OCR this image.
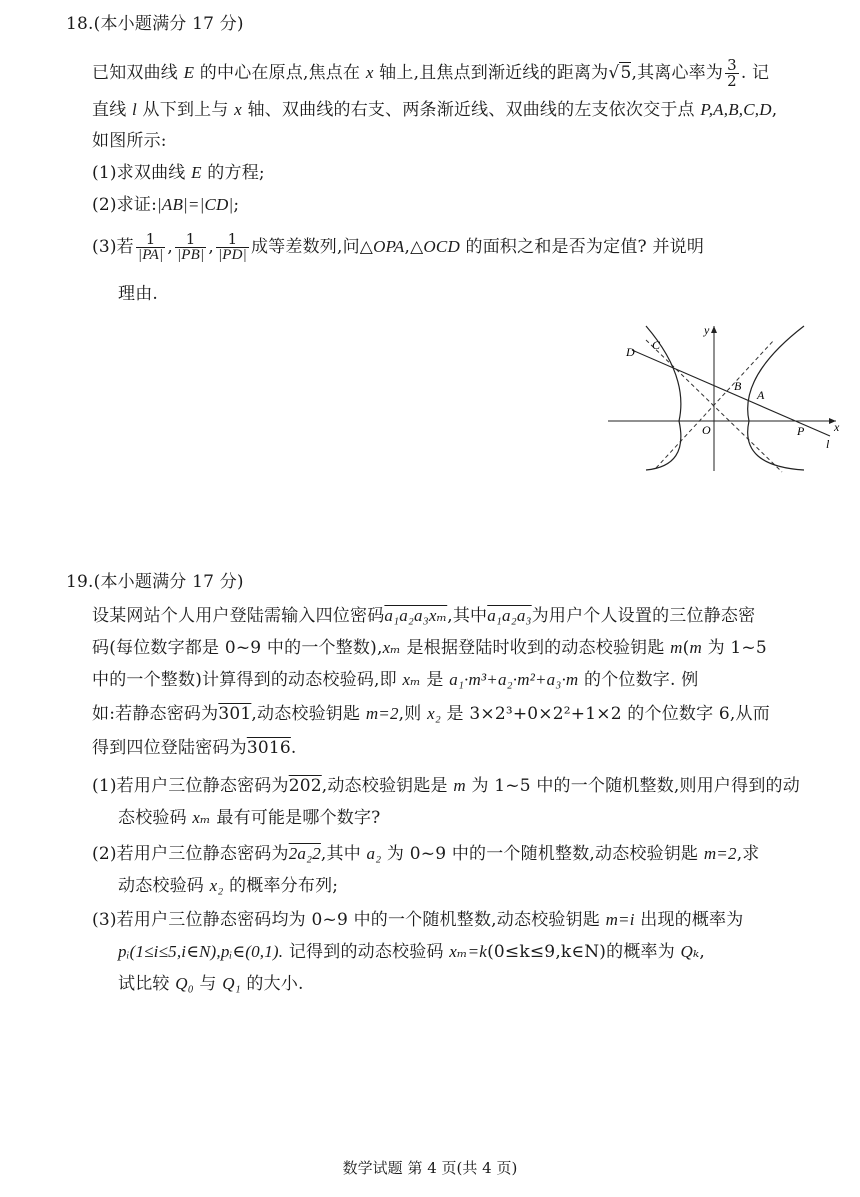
18.(本小题满分 17 分)
已知双曲线 E 的中心在原点,焦点在 x 轴上,且焦点到渐近线的距离为√5,其离心率为 $\frac{3}{2}$ . 记
直线 l 从下到上与 x 轴、双曲线的右支、两条渐近线、双曲线的左支依次交于点 P,A,B,C,D,
如图所示:
(1)求双曲线 E 的方程;
(2)求证:|AB|=|CD|;
(3)若 $\frac{1}{|PA|}$ , $\frac{1}{|PB|}$ , $\frac{1}{|PD|}$ 成等差数列,问△OPA,△OCD 的面积之和是否为定值? 并说明
理由.
D C
B
A
O	P
l
x
y
19.(本小题满分 17 分)
设某网站个人用户登陆需输入四位密码a₁a₂a₃xₘ,其中a₁a₂a₃为用户个人设置的三位静态密
码(每位数字都是 0~9 中的一个整数),xₘ 是根据登陆时收到的动态校验钥匙 m(m 为 1~5
中的一个整数)计算得到的动态校验码,即 xₘ 是 a₁·m³+a₂·m²+a₃·m 的个位数字. 例
如:若静态密码为301,动态校验钥匙 m=2,则 x₂ 是 3×2³+0×2²+1×2 的个位数字 6,从而
得到四位登陆密码为3016.
(1)若用户三位静态密码为202,动态校验钥匙是 m 为 1~5 中的一个随机整数,则用户得到的动
态校验码 xₘ 最有可能是哪个数字?
(2)若用户三位静态密码为2a₂2,其中 a₂ 为 0~9 中的一个随机整数,动态校验钥匙 m=2,求
动态校验码 x₂ 的概率分布列;
(3)若用户三位静态密码均为 0~9 中的一个随机整数,动态校验钥匙 m=i 出现的概率为
pᵢ(1≤i≤5,i∈N),pᵢ∈(0,1). 记得到的动态校验码 xₘ=k(0≤k≤9,k∈N)的概率为 Qₖ,
试比较 Q₀ 与 Q₁ 的大小.
数学试题 第 4 页(共 4 页)
